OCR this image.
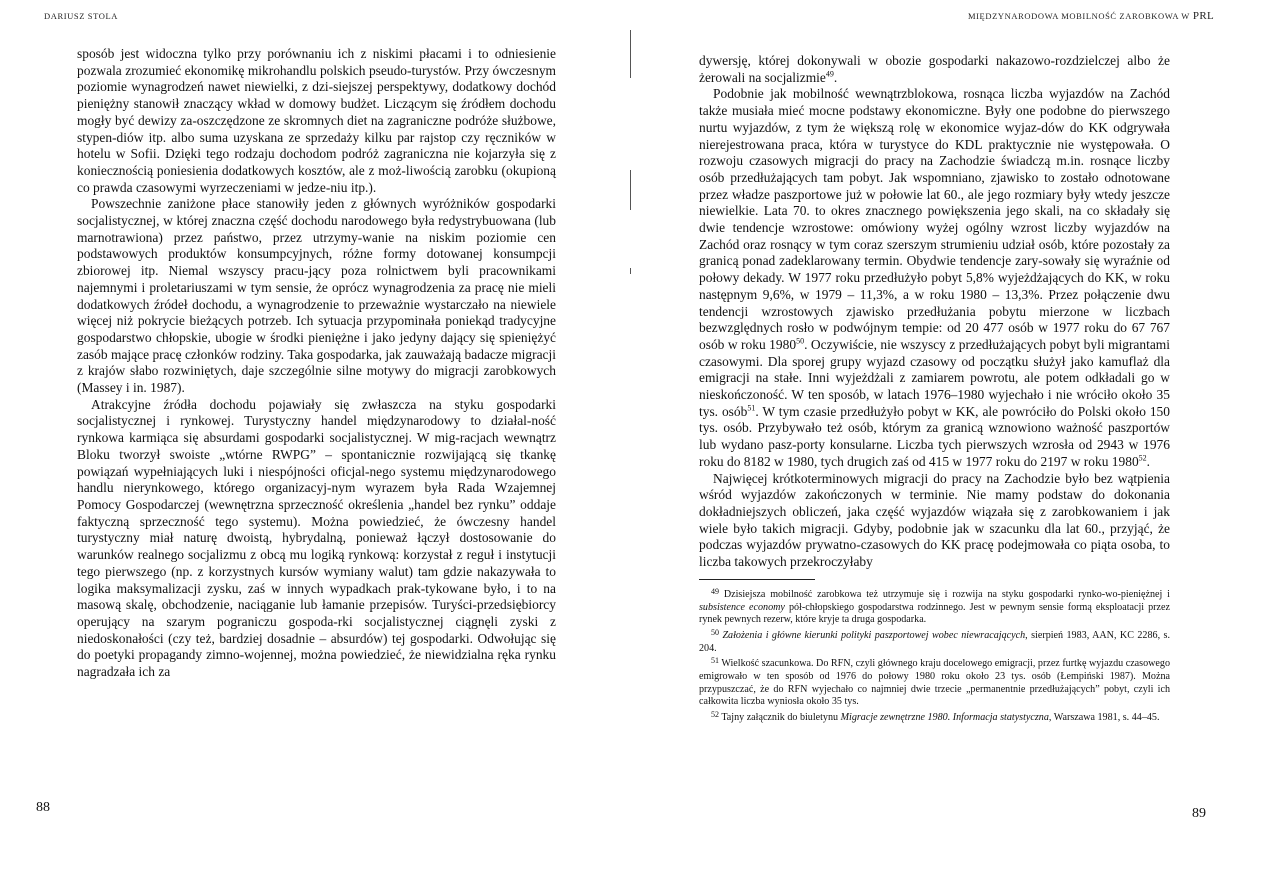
DARIUSZ STOLA	MIĘDZYNARODOWA MOBILNOŚĆ ZAROBKOWA W PRL

sposób jest widoczna tylko przy porównaniu ich z niskimi płacami i to odniesienie pozwala zrozumieć ekonomikę mikrohandlu polskich pseudo-turystów. Przy ówczesnym poziomie wynagrodzeń nawet niewielki, z dzi-siejszej perspektywy, dodatkowy dochód pieniężny stanowił znaczący wkład w domowy budżet. Liczącym się źródłem dochodu mogły być dewizy za-oszczędzone ze skromnych diet na zagraniczne podróże służbowe, stypen-diów itp. albo suma uzyskana ze sprzedaży kilku par rajstop czy ręczników w hotelu w Sofii. Dzięki tego rodzaju dochodom podróż zagraniczna nie kojarzyła się z koniecznością poniesienia dodatkowych kosztów, ale z moż-liwością zarobku (okupioną co prawda czasowymi wyrzeczeniami w jedze-niu itp.).

Powszechnie zaniżone płace stanowiły jeden z głównych wyróżników gospodarki socjalistycznej, w której znaczna część dochodu narodowego była redystrybuowana (lub marnotrawiona) przez państwo, przez utrzymy-wanie na niskim poziomie cen podstawowych produktów konsumpcyjnych, różne formy dotowanej konsumpcji zbiorowej itp. Niemal wszyscy pracu-jący poza rolnictwem byli pracownikami najemnymi i proletariuszami w tym sensie, że oprócz wynagrodzenia za pracę nie mieli dodatkowych źródeł dochodu, a wynagrodzenie to przeważnie wystarczało na niewiele więcej niż pokrycie bieżących potrzeb. Ich sytuacja przypominała poniekąd tradycyjne gospodarstwo chłopskie, ubogie w środki pieniężne i jako jedyny dający się spieniężyć zasób mające pracę członków rodziny. Taka gospodarka, jak zauważają badacze migracji z krajów słabo rozwiniętych, daje szczególnie silne motywy do migracji zarobkowych (Massey i in. 1987).

Atrakcyjne źródła dochodu pojawiały się zwłaszcza na styku gospodarki socjalistycznej i rynkowej. Turystyczny handel międzynarodowy to działal-ność rynkowa karmiąca się absurdami gospodarki socjalistycznej. W mig-racjach wewnątrz Bloku tworzył swoiste „wtórne RWPG” – spontanicznie rozwijającą się tkankę powiązań wypełniających luki i niespójności oficjal-nego systemu międzynarodowego handlu nierynkowego, którego organizacyj-nym wyrazem była Rada Wzajemnej Pomocy Gospodarczej (wewnętrzna sprzeczność określenia „handel bez rynku” oddaje faktyczną sprzeczność tego systemu). Można powiedzieć, że ówczesny handel turystyczny miał naturę dwoistą, hybrydalną, ponieważ łączył dostosowanie do warunków realnego socjalizmu z obcą mu logiką rynkową: korzystał z reguł i instytucji tego pierwszego (np. z korzystnych kursów wymiany walut) tam gdzie nakazywała to logika maksymalizacji zysku, zaś w innych wypadkach prak-tykowane było, i to na masową skalę, obchodzenie, naciąganie lub łamanie przepisów. Turyści-przedsiębiorcy operujący na szarym pograniczu gospoda-rki socjalistycznej ciągnęli zyski z niedoskonałości (czy też, bardziej dosadnie – absurdów) tej gospodarki. Odwołując się do poetyki propagandy zimno-wojennej, można powiedzieć, że niewidzialna ręka rynku nagradzała ich za

88

dywersję, której dokonywali w obozie gospodarki nakazowo-rozdzielczej albo że żerowali na socjalizmie$^{49}$.

Podobnie jak mobilność wewnątrzblokowa, rosnąca liczba wyjazdów na Zachód także musiała mieć mocne podstawy ekonomiczne. Były one podobne do pierwszego nurtu wyjazdów, z tym że większą rolę w ekonomice wyjaz-dów do KK odgrywała nierejestrowana praca, która w turystyce do KDL praktycznie nie występowała. O rozwoju czasowych migracji do pracy na Zachodzie świadczą m.in. rosnące liczby osób przedłużających tam pobyt. Jak wspomniano, zjawisko to zostało odnotowane przez władze paszportowe już w połowie lat 60., ale jego rozmiary były wtedy jeszcze niewielkie. Lata 70. to okres znacznego powiększenia jego skali, na co składały się dwie tendencje wzrostowe: omówiony wyżej ogólny wzrost liczby wyjazdów na Zachód oraz rosnący w tym coraz szerszym strumieniu udział osób, które pozostały za granicą ponad zadeklarowany termin. Obydwie tendencje zary-sowały się wyraźnie od połowy dekady. W 1977 roku przedłużyło pobyt 5,8% wyjeżdżających do KK, w roku następnym 9,6%, w 1979 – 11,3%, a w roku 1980 – 13,3%. Przez połączenie dwu tendencji wzrostowych zjawisko przedłużania pobytu mierzone w liczbach bezwzględnych rosło w podwójnym tempie: od 20 477 osób w 1977 roku do 67 767 osób w roku 1980$^{50}$. Oczywiście, nie wszyscy z przedłużających pobyt byli migrantami czasowymi. Dla sporej grupy wyjazd czasowy od początku służył jako kamuflaż dla emigracji na stałe. Inni wyjeżdżali z zamiarem powrotu, ale potem odkładali go w nieskończoność. W ten sposób, w latach 1976–1980 wyjechało i nie wróciło około 35 tys. osób$^{51}$. W tym czasie przedłużyło pobyt w KK, ale powróciło do Polski około 150 tys. osób. Przybywało też osób, którym za granicą wznowiono ważność paszportów lub wydano pasz-porty konsularne. Liczba tych pierwszych wzrosła od 2943 w 1976 roku do 8182 w 1980, tych drugich zaś od 415 w 1977 roku do 2197 w roku 1980$^{52}$.

Najwięcej krótkoterminowych migracji do pracy na Zachodzie było bez wątpienia wśród wyjazdów zakończonych w terminie. Nie mamy podstaw do dokonania dokładniejszych obliczeń, jaka część wyjazdów wiązała się z zarobkowaniem i jak wiele było takich migracji. Gdyby, podobnie jak w szacunku dla lat 60., przyjąć, że podczas wyjazdów prywatno-czasowych do KK pracę podejmowała co piąta osoba, to liczba takowych przekroczyłaby

$^{49}$ Dzisiejsza mobilność zarobkowa też utrzymuje się i rozwija na styku gospodarki rynko-wo-pieniężnej i subsistence economy pół-chłopskiego gospodarstwa rodzinnego. Jest w pewnym sensie formą eksploatacji przez rynek pewnych rezerw, które kryje ta druga gospodarka.

$^{50}$ Założenia i główne kierunki polityki paszportowej wobec niewracających, sierpień 1983, AAN, KC 2286, s. 204.

$^{51}$ Wielkość szacunkowa. Do RFN, czyli głównego kraju docelowego emigracji, przez furtkę wyjazdu czasowego emigrowało w ten sposób od 1976 do połowy 1980 roku około 23 tys. osób (Łempiński 1987). Można przypuszczać, że do RFN wyjechało co najmniej dwie trzecie „permanentnie przedłużających” pobyt, czyli ich całkowita liczba wyniosła około 35 tys.

$^{52}$ Tajny załącznik do biuletynu Migracje zewnętrzne 1980. Informacja statystyczna, Warszawa 1981, s. 44–45.

89
